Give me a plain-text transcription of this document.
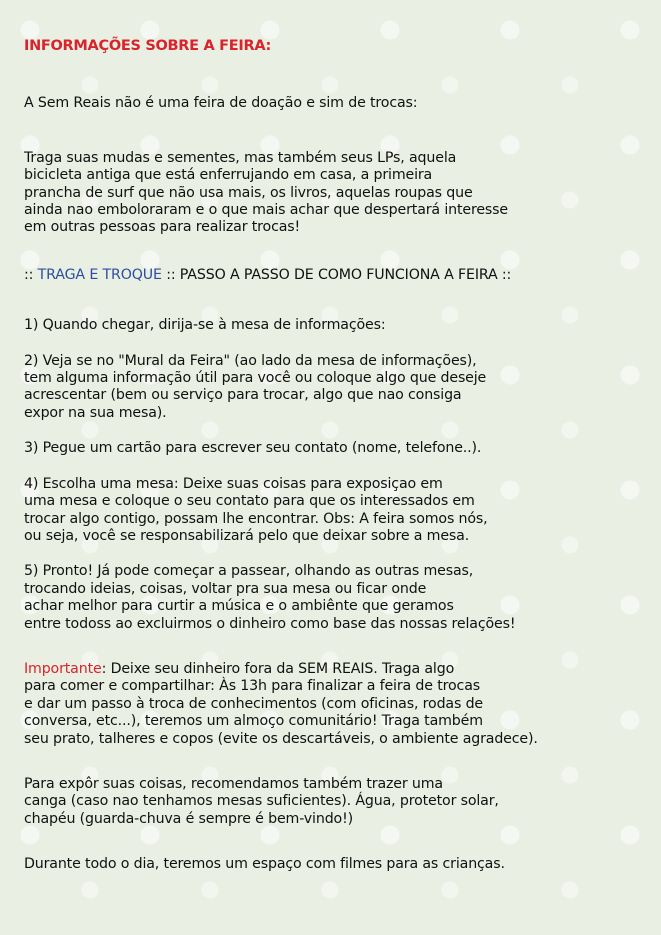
INFORMAÇÕES SOBRE A FEIRA:
A Sem Reais não é uma feira de doação e sim de trocas:
Traga suas mudas e sementes, mas também seus LPs, aquela
bicicleta antiga que está enferrujando em casa, a primeira
prancha de surf que não usa mais, os livros, aquelas roupas que
ainda nao emboloraram e o que mais achar que despertará interesse
em outras pessoas para realizar trocas!
:: TRAGA E TROQUE :: PASSO A PASSO DE COMO FUNCIONA A FEIRA ::
1) Quando chegar, dirija-se à mesa de informações:
2) Veja se no "Mural da Feira" (ao lado da mesa de informações),
tem alguma informação útil para você ou coloque algo que deseje
acrescentar (bem ou serviço para trocar, algo que nao consiga
expor na sua mesa).
3) Pegue um cartão para escrever seu contato (nome, telefone..).
4) Escolha uma mesa: Deixe suas coisas para exposiçao em
uma mesa e coloque o seu contato para que os interessados em
trocar algo contigo, possam lhe encontrar. Obs: A feira somos nós,
ou seja, você se responsabilizará pelo que deixar sobre a mesa.
5) Pronto! Já pode começar a passear, olhando as outras mesas,
trocando ideias, coisas, voltar pra sua mesa ou ficar onde
achar melhor para curtir a música e o ambiênte que geramos
entre todoss ao excluirmos o dinheiro como base das nossas relações!
Importante: Deixe seu dinheiro fora da SEM REAIS. Traga algo
para comer e compartilhar: Às 13h para finalizar a feira de trocas
e dar um passo à troca de conhecimentos (com oficinas, rodas de
conversa, etc...), teremos um almoço comunitário! Traga também
seu prato, talheres e copos (evite os descartáveis, o ambiente agradece).
Para expôr suas coisas, recomendamos também trazer uma
canga (caso nao tenhamos mesas suficientes). Água, protetor solar,
chapéu (guarda-chuva é sempre é bem-vindo!)
Durante todo o dia, teremos um espaço com filmes para as crianças.
